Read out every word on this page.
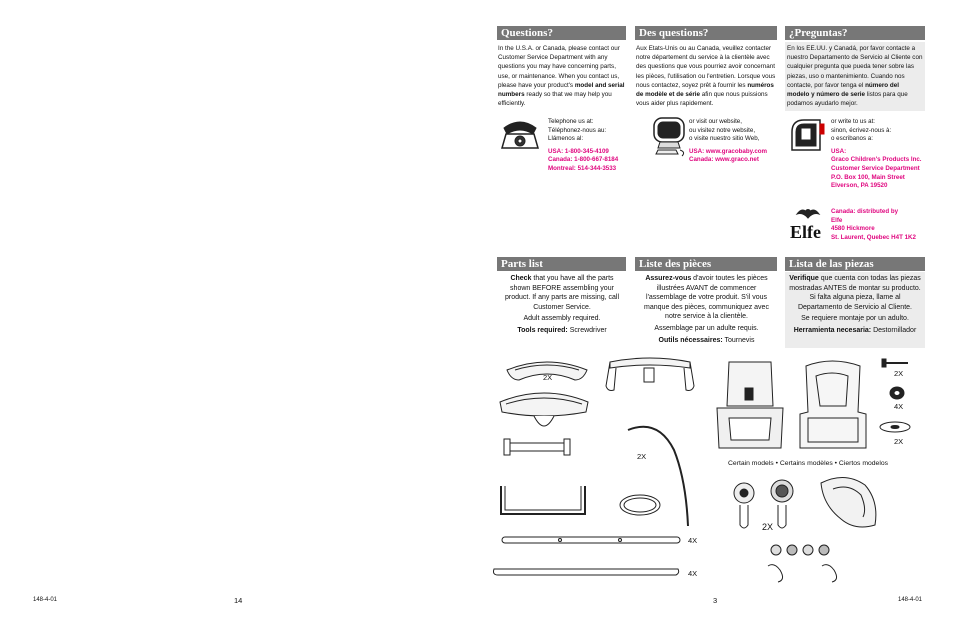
Questions?	Des questions?	¿Preguntas?
In the U.S.A. or Canada, please contact our Customer Service Department with any questions you may have concerning parts, use, or maintenance. When you contact us, please have your product's model and serial numbers ready so that we may help you efficiently.
Aux Etats-Unis ou au Canada, veuillez contacter notre département du service à la clientèle avec des questions que vous pourriez avoir concernant les pièces, l'utilisation ou l'entretien. Lorsque vous nous contactez, soyez prêt à fournir les numéros de modèle et de série afin que nous puissions vous aider plus rapidement.
En los EE.UU. y Canadá, por favor contacte a nuestro Departamento de Servicio al Cliente con cualquier pregunta que pueda tener sobre las piezas, uso o mantenimiento. Cuando nos contacte, por favor tenga el número del modelo y número de serie listos para que podamos ayudarlo mejor.
Telephone us at:
Téléphonez-nous au:
Llámenos al:
USA: 1-800-345-4109
Canada: 1-800-667-8184
Montreal: 514-344-3533
or visit our website,
ou visitez notre website,
o visite nuestro sitio Web,
USA: www.gracobaby.com
Canada: www.graco.net
or write to us at:
sinon, écrivez-nous à:
o escribanos a:
USA:
Graco Children's Products Inc.
Customer Service Department
P.O. Box 100, Main Street
Elverson, PA 19520
Elfe
Canada: distributed by
Elfe
4580 Hickmore
St. Laurent, Quebec H4T 1K2
Parts list	Liste des pièces	Lista de las piezas

Check that you have all the parts shown BEFORE assembling your product. If any parts are missing, call Customer Service.

Adult assembly required.

Tools required: Screwdriver

Assurez-vous d'avoir toutes les pièces illustrées AVANT de commencer l'assemblage de votre produit. S'il vous manque des pièces, communiquez avec notre service à la clientèle.

Assemblage par un adulte requis.

Outils nécessaires: Tournevis

Verifique que cuenta con todas las piezas mostradas ANTES de montar su producto. Si falta alguna pieza, llame al Departamento de Servicio al Cliente.

Se requiere montaje por un adulto.

Herramienta necesaria: Destornillador

2X
2X
4X
4X
2X
4X
2X
Certain models • Certains modèles • Ciertos modelos
2X
148-4-01	14	3	148-4-01
